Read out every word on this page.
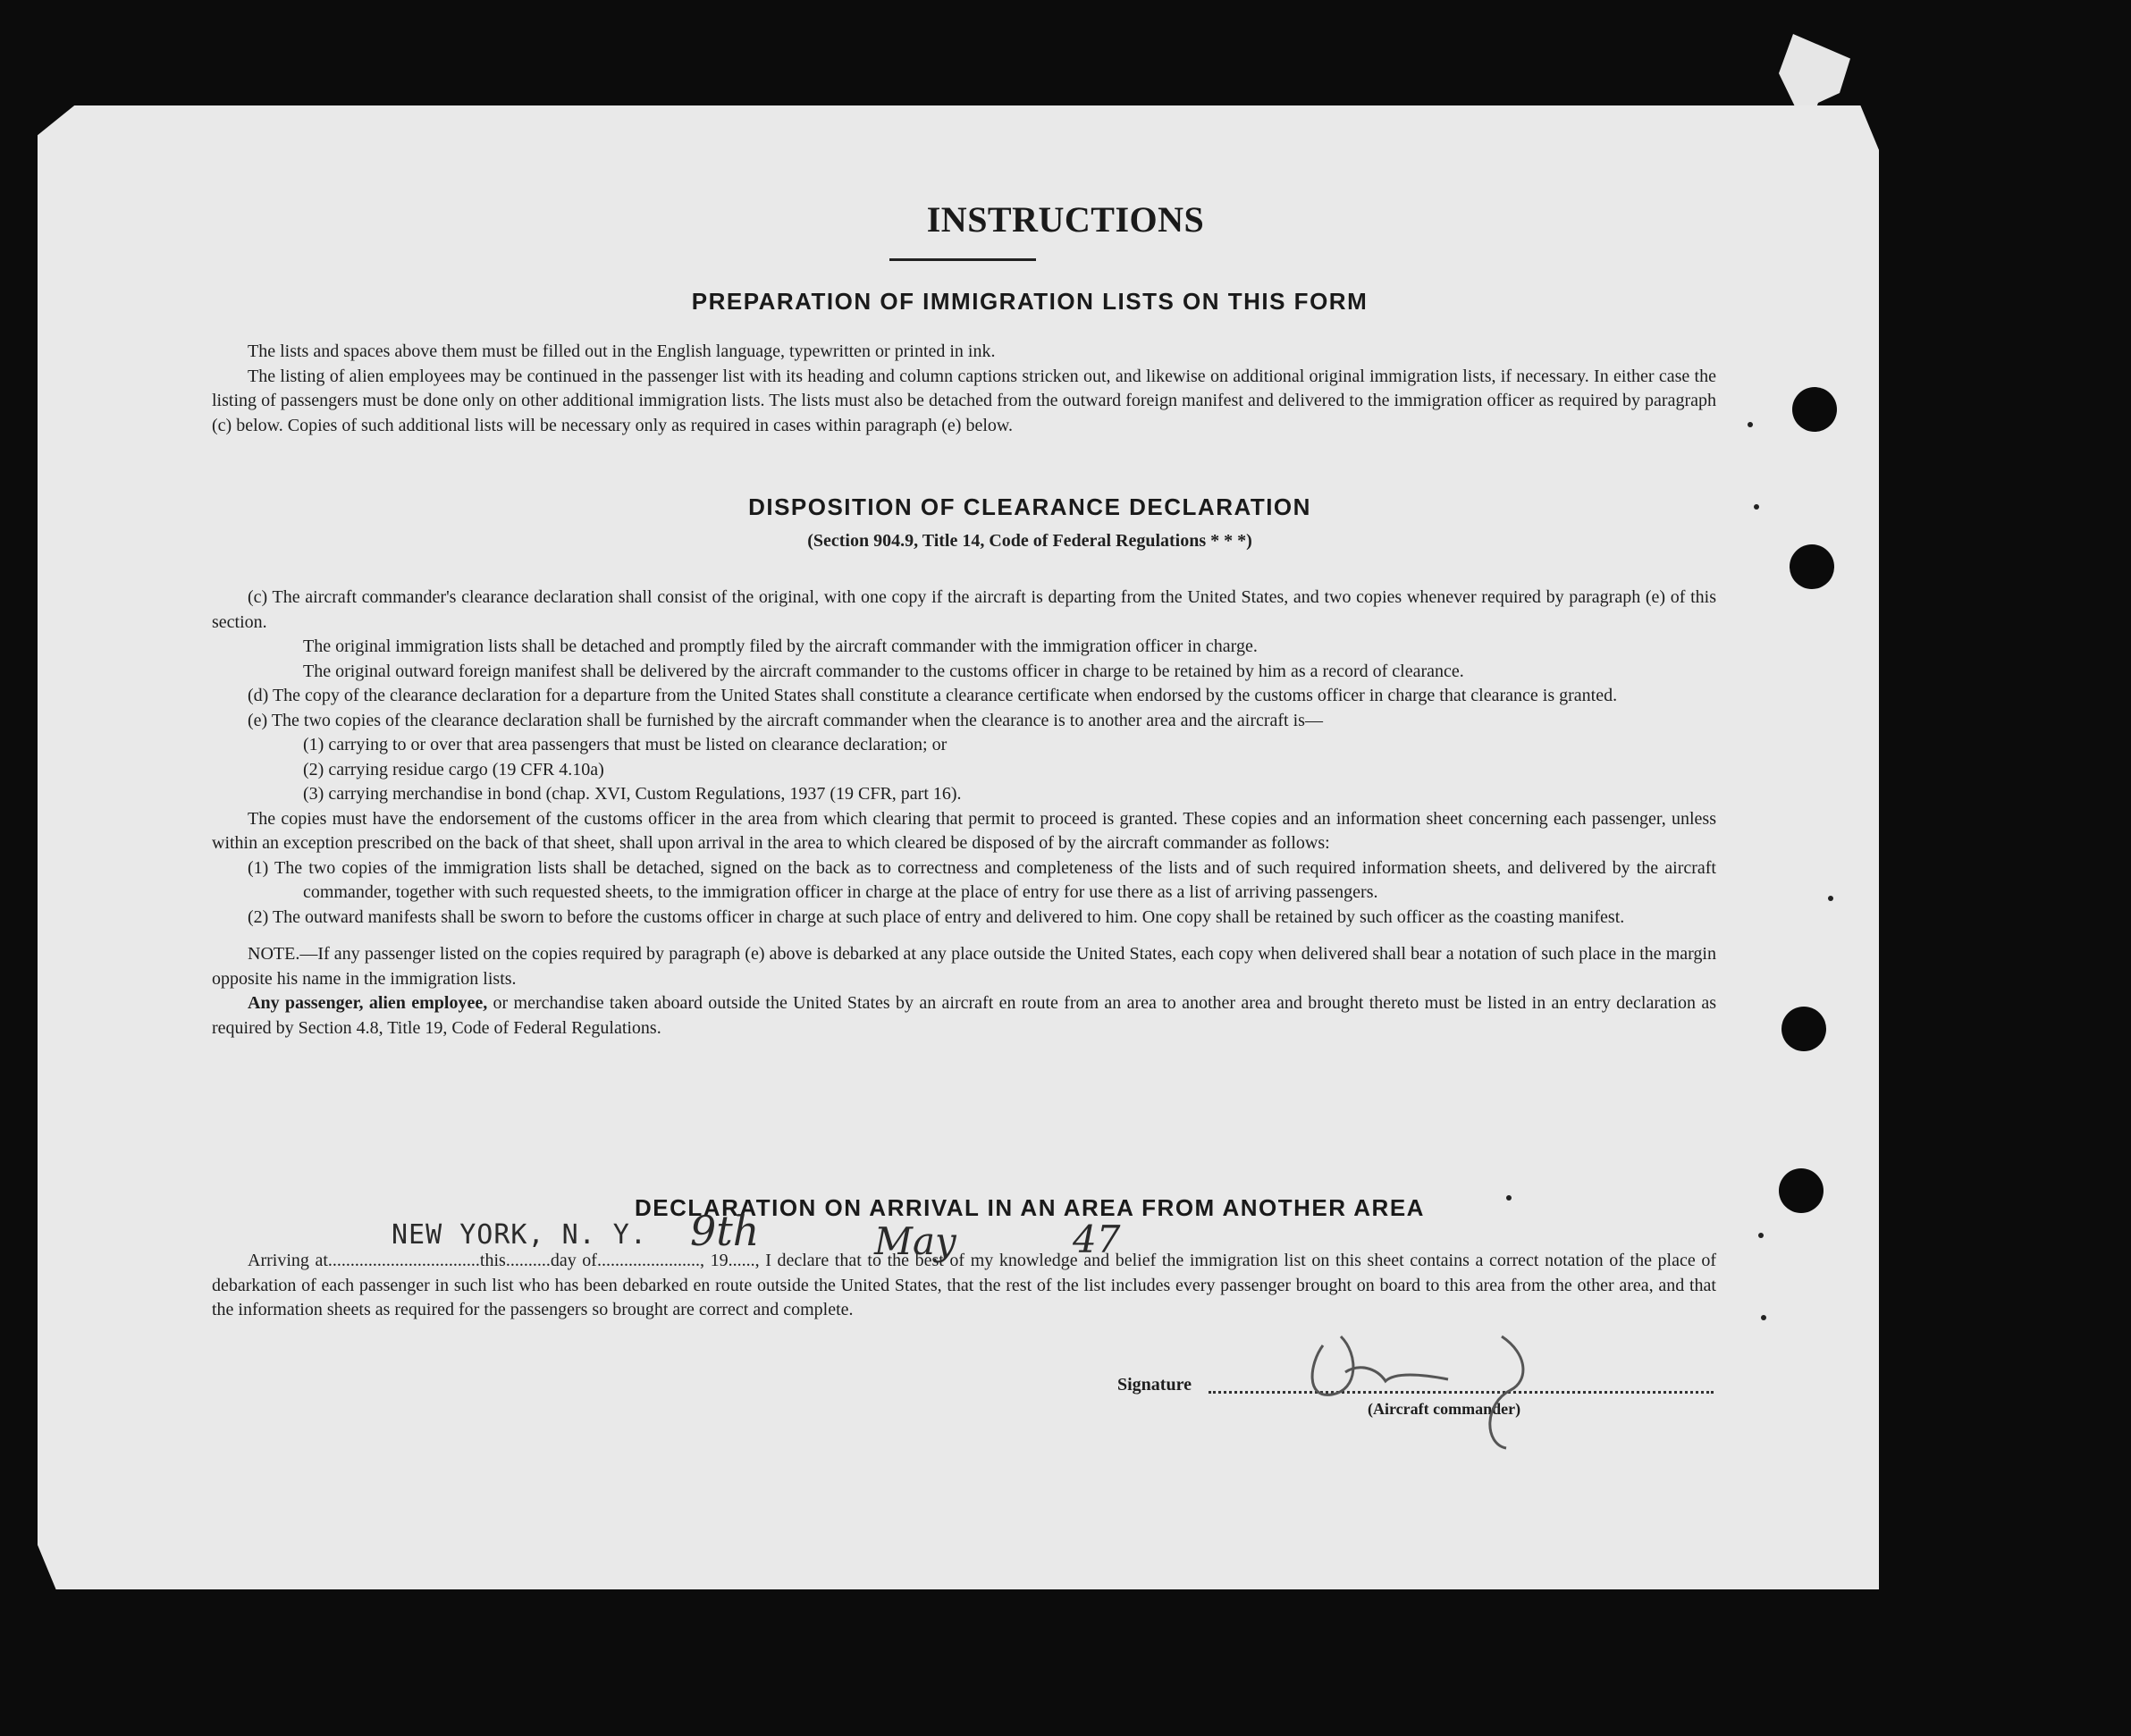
INSTRUCTIONS
PREPARATION OF IMMIGRATION LISTS ON THIS FORM

The lists and spaces above them must be filled out in the English language, typewritten or printed in ink.

The listing of alien employees may be continued in the passenger list with its heading and column captions stricken out, and likewise on additional original immigration lists, if necessary. In either case the listing of passengers must be done only on other additional immigration lists. The lists must also be detached from the outward foreign manifest and delivered to the immigration officer as required by paragraph (c) below. Copies of such additional lists will be necessary only as required in cases within paragraph (e) below.

DISPOSITION OF CLEARANCE DECLARATION
(Section 904.9, Title 14, Code of Federal Regulations * * *)

(c) The aircraft commander's clearance declaration shall consist of the original, with one copy if the aircraft is departing from the United States, and two copies whenever required by paragraph (e) of this section.

The original immigration lists shall be detached and promptly filed by the aircraft commander with the immigration officer in charge.

The original outward foreign manifest shall be delivered by the aircraft commander to the customs officer in charge to be retained by him as a record of clearance.

(d) The copy of the clearance declaration for a departure from the United States shall constitute a clearance certificate when endorsed by the customs officer in charge that clearance is granted.

(e) The two copies of the clearance declaration shall be furnished by the aircraft commander when the clearance is to another area and the aircraft is—

(1) carrying to or over that area passengers that must be listed on clearance declaration; or

(2) carrying residue cargo (19 CFR 4.10a)

(3) carrying merchandise in bond (chap. XVI, Custom Regulations, 1937 (19 CFR, part 16).

The copies must have the endorsement of the customs officer in the area from which clearing that permit to proceed is granted. These copies and an information sheet concerning each passenger, unless within an exception prescribed on the back of that sheet, shall upon arrival in the area to which cleared be disposed of by the aircraft commander as follows:

(1) The two copies of the immigration lists shall be detached, signed on the back as to correctness and completeness of the lists and of such required information sheets, and delivered by the aircraft commander, together with such requested sheets, to the immigration officer in charge at the place of entry for use there as a list of arriving passengers.

(2) The outward manifests shall be sworn to before the customs officer in charge at such place of entry and delivered to him. One copy shall be retained by such officer as the coasting manifest.

NOTE.—If any passenger listed on the copies required by paragraph (e) above is debarked at any place outside the United States, each copy when delivered shall bear a notation of such place in the margin opposite his name in the immigration lists.

Any passenger, alien employee, or merchandise taken aboard outside the United States by an aircraft en route from an area to another area and brought thereto must be listed in an entry declaration as required by Section 4.8, Title 19, Code of Federal Regulations.

DECLARATION ON ARRIVAL IN AN AREA FROM ANOTHER AREA
NEW YORK, N. Y.

Arriving at..................................this..........day of......................., 19......, I declare that to the best of my knowledge and belief the immigration list on this sheet contains a correct notation of the place of debarkation of each passenger in such list who has been debarked en route outside the United States, that the rest of the list includes every passenger brought on board to this area from the other area, and that the information sheets as required for the passengers so brought are correct and complete.

9th	May	47
Signature
(Aircraft commander)
